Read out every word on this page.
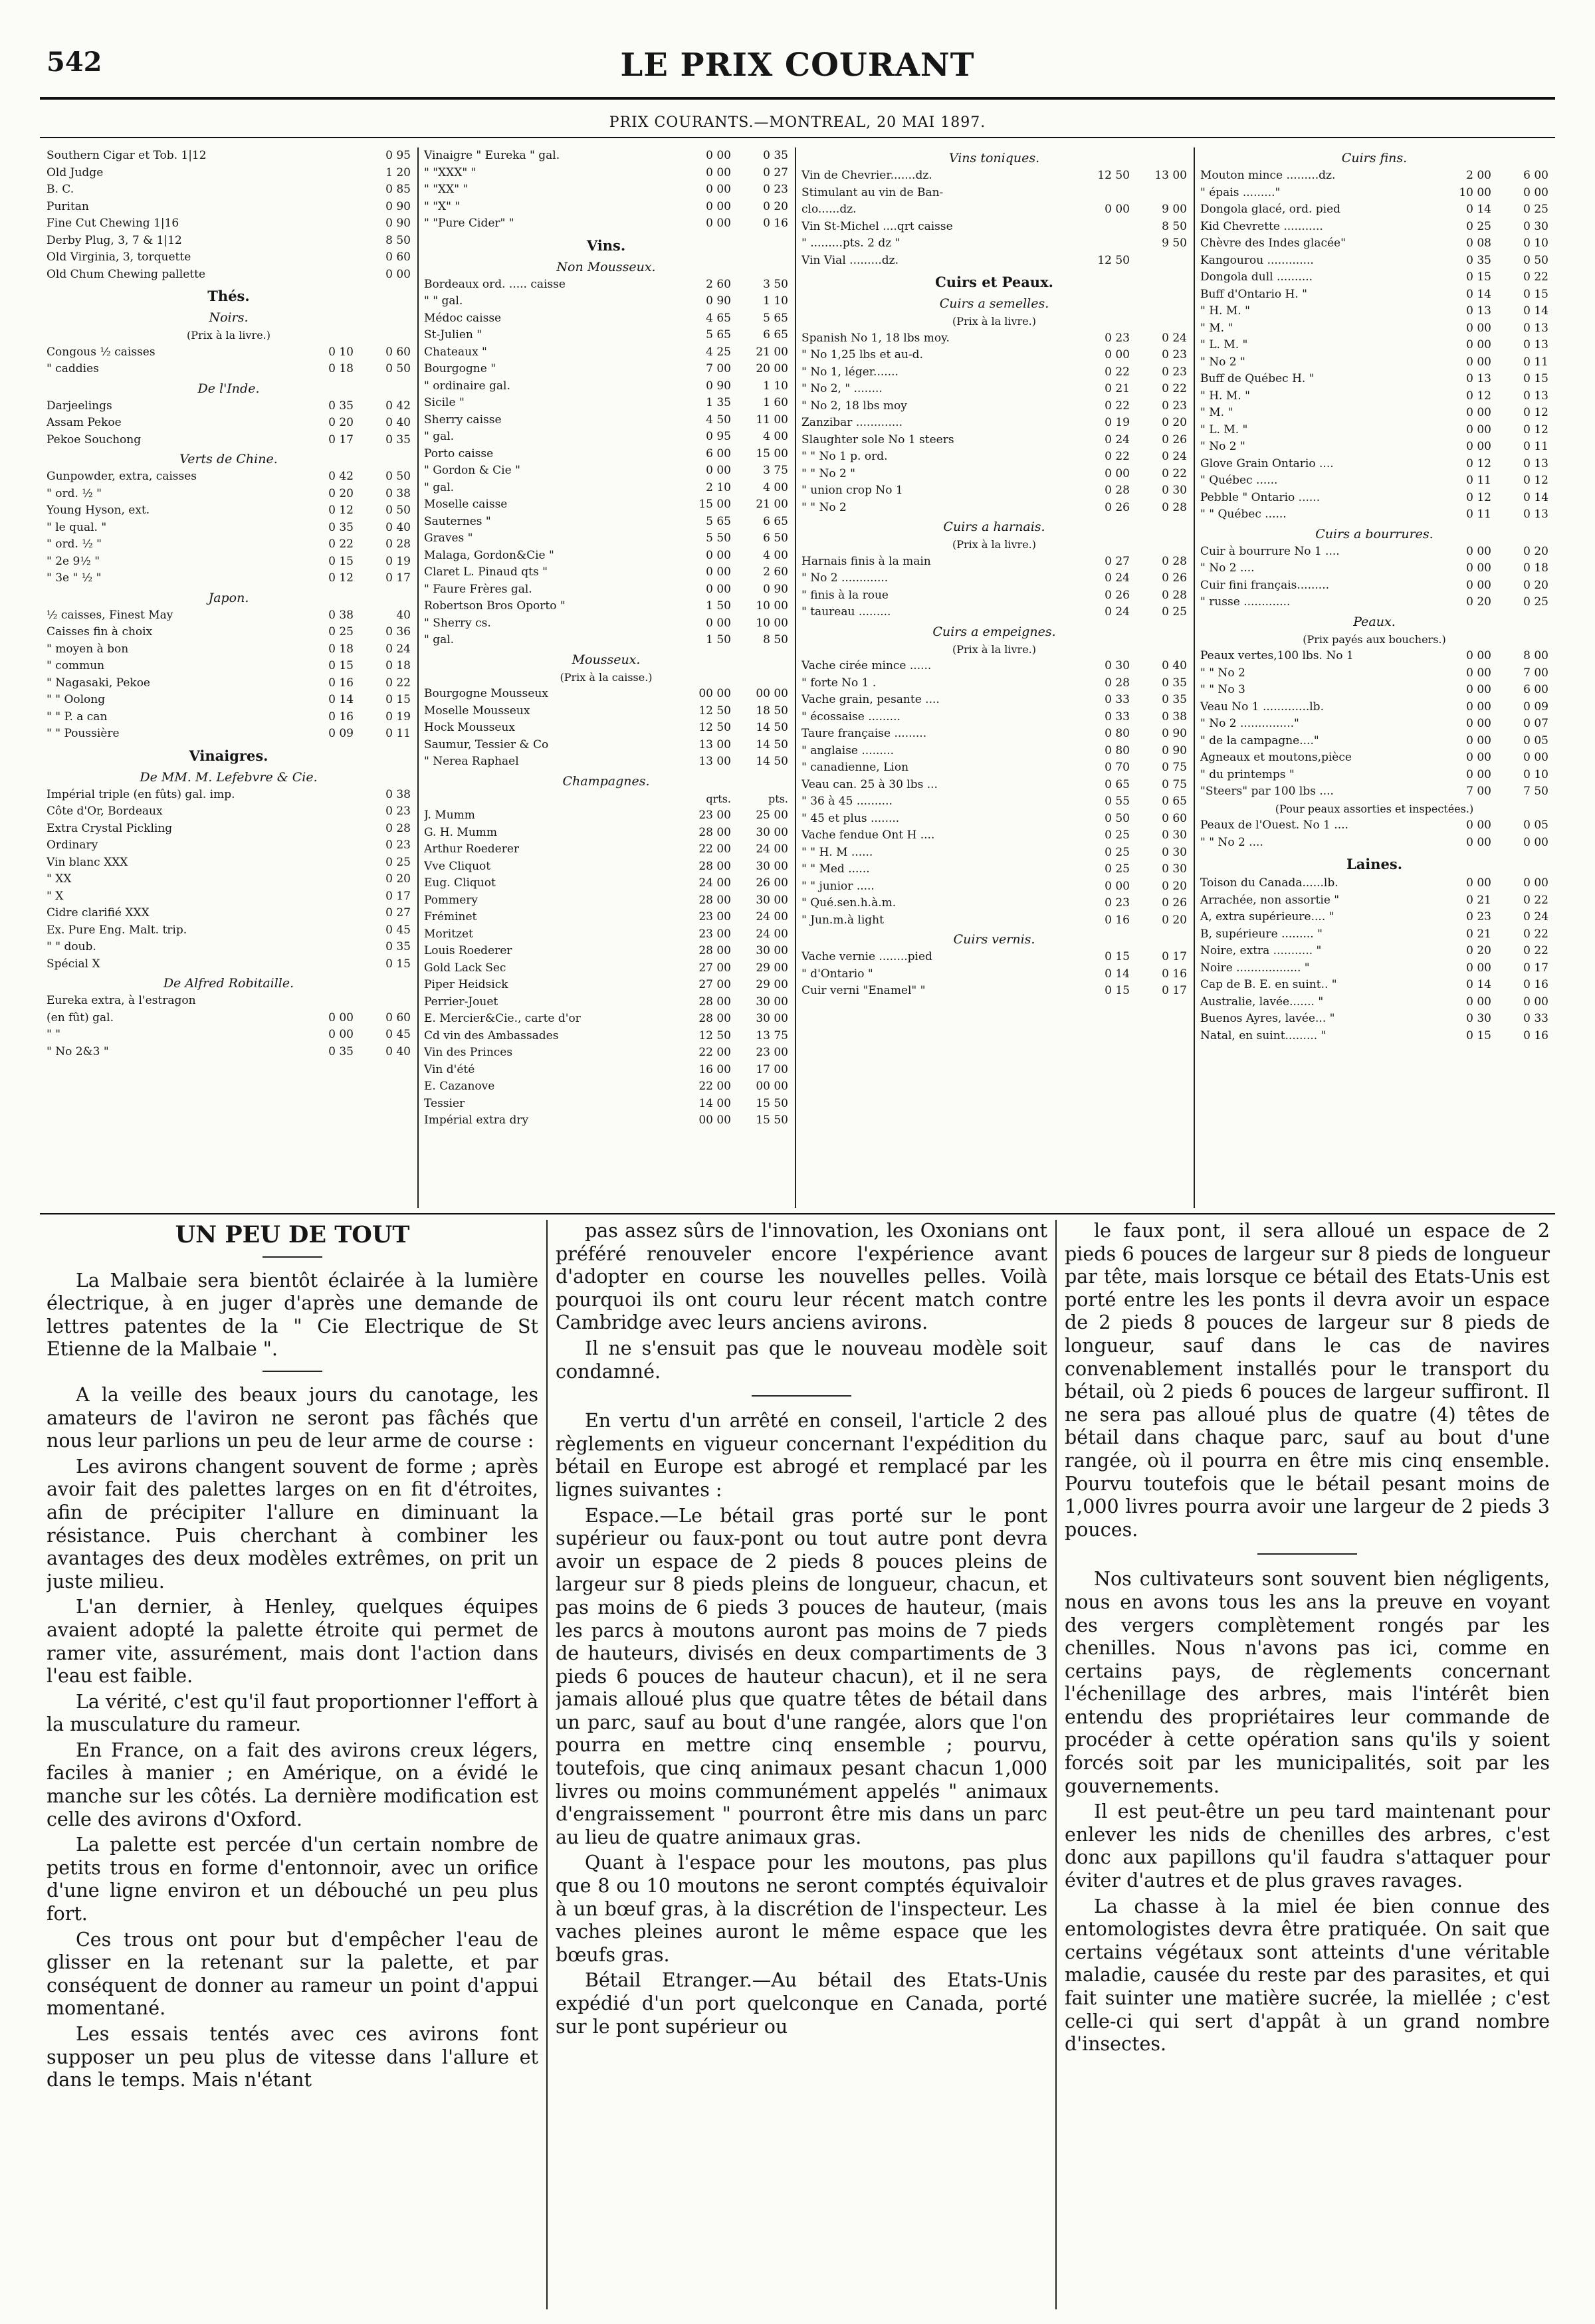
542	LE PRIX COURANT
PRIX COURANTS.—MONTREAL, 20 MAI 1897.
Southern Cigar et Tob. 1|12	0 95
Old Judge	1 20
B. C.	0 85
Puritan	0 90
Fine Cut Chewing 1|16	0 90
Derby Plug, 3, 7 & 1|12	8 50
Old Virginia, 3, torquette	0 60
Old Chum Chewing pallette	0 00
Thés.
Noirs.
(Prix à la livre.)
Congous ½ caisses	0 10	0 60
" caddies	0 18	0 50
De l'Inde.
Darjeelings	0 35	0 42
Assam Pekoe	0 20	0 40
Pekoe Souchong	0 17	0 35
Verts de Chine.
Gunpowder, extra, caisses	0 42	0 50
" ord. ½ "	0 20	0 38
Young Hyson, ext.	0 12	0 50
" le qual. "	0 35	0 40
" ord. ½ "	0 22	0 28
" 2e 9½ "	0 15	0 19
" 3e " ½ "	0 12	0 17
Japon.
½ caisses, Finest May	0 38	40
Caisses fin à choix	0 25	0 36
" moyen à bon	0 18	0 24
" commun	0 15	0 18
" Nagasaki, Pekoe	0 16	0 22
" " Oolong	0 14	0 15
" " P. a can	0 16	0 19
" " Poussière	0 09	0 11
Vinaigres.
De MM. M. Lefebvre & Cie.
Impérial triple (en fûts) gal. imp.	0 38
Côte d'Or, Bordeaux	0 23
Extra Crystal Pickling	0 28
Ordinary	0 23
Vin blanc XXX	0 25
" XX	0 20
" X	0 17
Cidre clarifié XXX	0 27
Ex. Pure Eng. Malt. trip.	0 45
" " doub.	0 35
Spécial X	0 15
De Alfred Robitaille.
Eureka extra, à l'estragon
(en fût) gal.	0 00	0 60
" "	0 00	0 45
" No 2&3 "	0 35	0 40
Vinaigre " Eureka " gal.	0 00	0 35
" "XXX" "	0 00	0 27
" "XX" "	0 00	0 23
" "X" "	0 00	0 20
" "Pure Cider" "	0 00	0 16
Vins.
Non Mousseux.
Bordeaux ord. ..... caisse	2 60	3 50
" " gal.	0 90	1 10
Médoc caisse	4 65	5 65
St-Julien "	5 65	6 65
Chateaux "	4 25	21 00
Bourgogne "	7 00	20 00
" ordinaire gal.	0 90	1 10
Sicile "	1 35	1 60
Sherry caisse	4 50	11 00
" gal.	0 95	4 00
Porto caisse	6 00	15 00
" Gordon & Cie "	0 00	3 75
" gal.	2 10	4 00
Moselle caisse	15 00	21 00
Sauternes "	5 65	6 65
Graves "	5 50	6 50
Malaga, Gordon&Cie "	0 00	4 00
Claret L. Pinaud qts "	0 00	2 60
" Faure Frères gal.	0 00	0 90
Robertson Bros Oporto "	1 50	10 00
" Sherry cs.	0 00	10 00
" gal.	1 50	8 50
Mousseux.
(Prix à la caisse.)
Bourgogne Mousseux	00 00	00 00
Moselle Mousseux	12 50	18 50
Hock Mousseux	12 50	14 50
Saumur, Tessier & Co	13 00	14 50
" Nerea Raphael	13 00	14 50
Champagnes.
qrts.	pts.
J. Mumm	23 00	25 00
G. H. Mumm	28 00	30 00
Arthur Roederer	22 00	24 00
Vve Cliquot	28 00	30 00
Eug. Cliquot	24 00	26 00
Pommery	28 00	30 00
Fréminet	23 00	24 00
Moritzet	23 00	24 00
Louis Roederer	28 00	30 00
Gold Lack Sec	27 00	29 00
Piper Heidsick	27 00	29 00
Perrier-Jouet	28 00	30 00
E. Mercier&Cie., carte d'or	28 00	30 00
Cd vin des Ambassades	12 50	13 75
Vin des Princes	22 00	23 00
Vin d'été	16 00	17 00
E. Cazanove	22 00	00 00
Tessier	14 00	15 50
Impérial extra dry	00 00	15 50
Vins toniques.
Vin de Chevrier.......dz.	12 50	13 00
Stimulant au vin de Ban-
clo......dz.	0 00	9 00
Vin St-Michel ....qrt caisse	8 50
" .........pts. 2 dz "	9 50
Vin Vial .........dz.	12 50
Cuirs et Peaux.
Cuirs a semelles.
(Prix à la livre.)
Spanish No 1, 18 lbs moy.	0 23	0 24
" No 1,25 lbs et au-d.	0 00	0 23
" No 1, léger.......	0 22	0 23
" No 2, " ........	0 21	0 22
" No 2, 18 lbs moy	0 22	0 23
Zanzibar .............	0 19	0 20
Slaughter sole No 1 steers	0 24	0 26
" " No 1 p. ord.	0 22	0 24
" " No 2 "	0 00	0 22
" union crop No 1	0 28	0 30
" " No 2	0 26	0 28
Cuirs a harnais.
(Prix à la livre.)
Harnais finis à la main	0 27	0 28
" No 2 .............	0 24	0 26
" finis à la roue	0 26	0 28
" taureau .........	0 24	0 25
Cuirs a empeignes.
(Prix à la livre.)
Vache cirée mince ......	0 30	0 40
" forte No 1 .	0 28	0 35
Vache grain, pesante ....	0 33	0 35
" écossaise .........	0 33	0 38
Taure française .........	0 80	0 90
" anglaise .........	0 80	0 90
" canadienne, Lion	0 70	0 75
Veau can. 25 à 30 lbs ...	0 65	0 75
" 36 à 45 ..........	0 55	0 65
" 45 et plus ........	0 50	0 60
Vache fendue Ont H ....	0 25	0 30
" " H. M ......	0 25	0 30
" " Med ......	0 25	0 30
" " junior .....	0 00	0 20
" Qué.sen.h.à.m.	0 23	0 26
" Jun.m.à light	0 16	0 20
Cuirs vernis.
Vache vernie ........pied	0 15	0 17
" d'Ontario "	0 14	0 16
Cuir verni "Enamel" "	0 15	0 17
Cuirs fins.
Mouton mince .........dz.	2 00	6 00
" épais ........."	10 00	0 00
Dongola glacé, ord. pied	0 14	0 25
Kid Chevrette ...........	0 25	0 30
Chèvre des Indes glacée"	0 08	0 10
Kangourou .............	0 35	0 50
Dongola dull ..........	0 15	0 22
Buff d'Ontario H. "	0 14	0 15
" H. M. "	0 13	0 14
" M. "	0 00	0 13
" L. M. "	0 00	0 13
" No 2 "	0 00	0 11
Buff de Québec H. "	0 13	0 15
" H. M. "	0 12	0 13
" M. "	0 00	0 12
" L. M. "	0 00	0 12
" No 2 "	0 00	0 11
Glove Grain Ontario ....	0 12	0 13
" Québec ......	0 11	0 12
Pebble " Ontario ......	0 12	0 14
" " Québec ......	0 11	0 13
Cuirs a bourrures.
Cuir à bourrure No 1 ....	0 00	0 20
" No 2 ....	0 00	0 18
Cuir fini français.........	0 00	0 20
" russe .............	0 20	0 25
Peaux.
(Prix payés aux bouchers.)
Peaux vertes,100 lbs. No 1	0 00	8 00
" " No 2	0 00	7 00
" " No 3	0 00	6 00
Veau No 1 .............lb.	0 00	0 09
" No 2 ..............."	0 00	0 07
" de la campagne...."	0 00	0 05
Agneaux et moutons,pièce	0 00	0 00
" du printemps "	0 00	0 10
"Steers" par 100 lbs ....	7 00	7 50
(Pour peaux assorties et inspectées.)
Peaux de l'Ouest. No 1 ....	0 00	0 05
" " No 2 ....	0 00	0 00
Laines.
Toison du Canada......lb.	0 00	0 00
Arrachée, non assortie "	0 21	0 22
A, extra supérieure.... "	0 23	0 24
B, supérieure ......... "	0 21	0 22
Noire, extra ........... "	0 20	0 22
Noire .................. "	0 00	0 17
Cap de B. E. en suint.. "	0 14	0 16
Australie, lavée....... "	0 00	0 00
Buenos Ayres, lavée... "	0 30	0 33
Natal, en suint......... "	0 15	0 16
UN PEU DE TOUT

La Malbaie sera bientôt éclairée à la lumière électrique, à en juger d'après une demande de lettres patentes de la " Cie Electrique de St Etienne de la Malbaie ".

A la veille des beaux jours du canotage, les amateurs de l'aviron ne seront pas fâchés que nous leur parlions un peu de leur arme de course :

Les avirons changent souvent de forme ; après avoir fait des palettes larges on en fit d'étroites, afin de précipiter l'allure en diminuant la résistance. Puis cherchant à combiner les avantages des deux modèles extrêmes, on prit un juste milieu.

L'an dernier, à Henley, quelques équipes avaient adopté la palette étroite qui permet de ramer vite, assurément, mais dont l'action dans l'eau est faible.

La vérité, c'est qu'il faut proportionner l'effort à la musculature du rameur.

En France, on a fait des avirons creux légers, faciles à manier ; en Amérique, on a évidé le manche sur les côtés. La dernière modification est celle des avirons d'Oxford.

La palette est percée d'un certain nombre de petits trous en forme d'entonnoir, avec un orifice d'une ligne environ et un débouché un peu plus fort.

Ces trous ont pour but d'empêcher l'eau de glisser en la retenant sur la palette, et par conséquent de donner au rameur un point d'appui momentané.

Les essais tentés avec ces avirons font supposer un peu plus de vitesse dans l'allure et dans le temps. Mais n'étant

pas assez sûrs de l'innovation, les Oxonians ont préféré renouveler encore l'expérience avant d'adopter en course les nouvelles pelles. Voilà pourquoi ils ont couru leur récent match contre Cambridge avec leurs anciens avirons.

Il ne s'ensuit pas que le nouveau modèle soit condamné.

En vertu d'un arrêté en conseil, l'article 2 des règlements en vigueur concernant l'expédition du bétail en Europe est abrogé et remplacé par les lignes suivantes :

Espace.—Le bétail gras porté sur le pont supérieur ou faux-pont ou tout autre pont devra avoir un espace de 2 pieds 8 pouces pleins de largeur sur 8 pieds pleins de longueur, chacun, et pas moins de 6 pieds 3 pouces de hauteur, (mais les parcs à moutons auront pas moins de 7 pieds de hauteurs, divisés en deux compartiments de 3 pieds 6 pouces de hauteur chacun), et il ne sera jamais alloué plus que quatre têtes de bétail dans un parc, sauf au bout d'une rangée, alors que l'on pourra en mettre cinq ensemble ; pourvu, toutefois, que cinq animaux pesant chacun 1,000 livres ou moins communément appelés " animaux d'engraissement " pourront être mis dans un parc au lieu de quatre animaux gras.

Quant à l'espace pour les moutons, pas plus que 8 ou 10 moutons ne seront comptés équivaloir à un bœuf gras, à la discrétion de l'inspecteur. Les vaches pleines auront le même espace que les bœufs gras.

Bétail Etranger.—Au bétail des Etats-Unis expédié d'un port quelconque en Canada, porté sur le pont supérieur ou

le faux pont, il sera alloué un espace de 2 pieds 6 pouces de largeur sur 8 pieds de longueur par tête, mais lorsque ce bétail des Etats-Unis est porté entre les les ponts il devra avoir un espace de 2 pieds 8 pouces de largeur sur 8 pieds de longueur, sauf dans le cas de navires convenablement installés pour le transport du bétail, où 2 pieds 6 pouces de largeur suffiront. Il ne sera pas alloué plus de quatre (4) têtes de bétail dans chaque parc, sauf au bout d'une rangée, où il pourra en être mis cinq ensemble. Pourvu toutefois que le bétail pesant moins de 1,000 livres pourra avoir une largeur de 2 pieds 3 pouces.

Nos cultivateurs sont souvent bien négligents, nous en avons tous les ans la preuve en voyant des vergers complètement rongés par les chenilles. Nous n'avons pas ici, comme en certains pays, de règlements concernant l'échenillage des arbres, mais l'intérêt bien entendu des propriétaires leur commande de procéder à cette opération sans qu'ils y soient forcés soit par les municipalités, soit par les gouvernements.

Il est peut-être un peu tard maintenant pour enlever les nids de chenilles des arbres, c'est donc aux papillons qu'il faudra s'attaquer pour éviter d'autres et de plus graves ravages.

La chasse à la miel ée bien connue des entomologistes devra être pratiquée. On sait que certains végétaux sont atteints d'une véritable maladie, causée du reste par des parasites, et qui fait suinter une matière sucrée, la miellée ; c'est celle-ci qui sert d'appât à un grand nombre d'insectes.
